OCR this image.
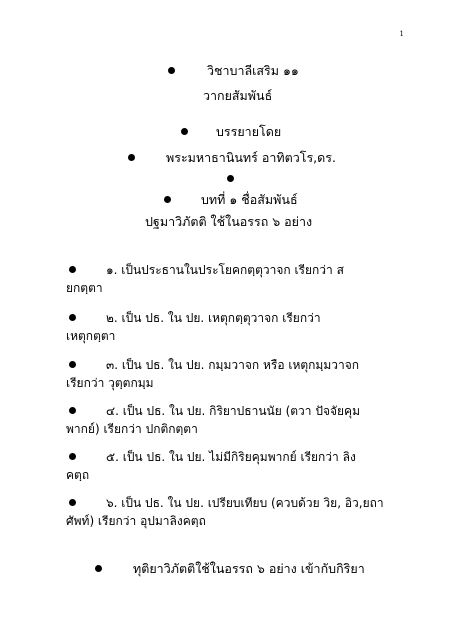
1
วิชาบาลีเสริม ๑๑
วากยสัมพันธ์
บรรยายโดย
พระมหาธานินทร์ อาทิตวโร,ดร.
บทที่ ๑ ชื่อสัมพันธ์
ปฐมาวิภัตติ ใช้ในอรรถ ๖ อย่าง
๑. เป็นประธานในประโยคกตฺตุวาจก เรียกว่า ส
ยกตฺตา
๒. เป็น ปธ. ใน ปย. เหตุกตฺตุวาจก เรียกว่า
เหตุกตฺตา
๓. เป็น ปธ. ใน ปย. กมฺมวาจก หรือ เหตุกมฺมวาจก
เรียกว่า วุตฺตกมฺม
๔. เป็น ปธ. ใน ปย. กิริยาปธานนัย (ตวา ปัจจัยคุม
พากย์) เรียกว่า ปกติกตฺตา
๕. เป็น ปธ. ใน ปย. ไม่มีกิริยคุมพากย์ เรียกว่า ลิง
คตฺถ
๖. เป็น ปธ. ใน ปย. เปรียบเทียบ (ควบด้วย วิย, อิว,ยถา
ศัพท์) เรียกว่า อุปมาลิงคตฺถ
ทุติยาวิภัตติใช้ในอรรถ ๖ อย่าง เข้ากับกิริยา
